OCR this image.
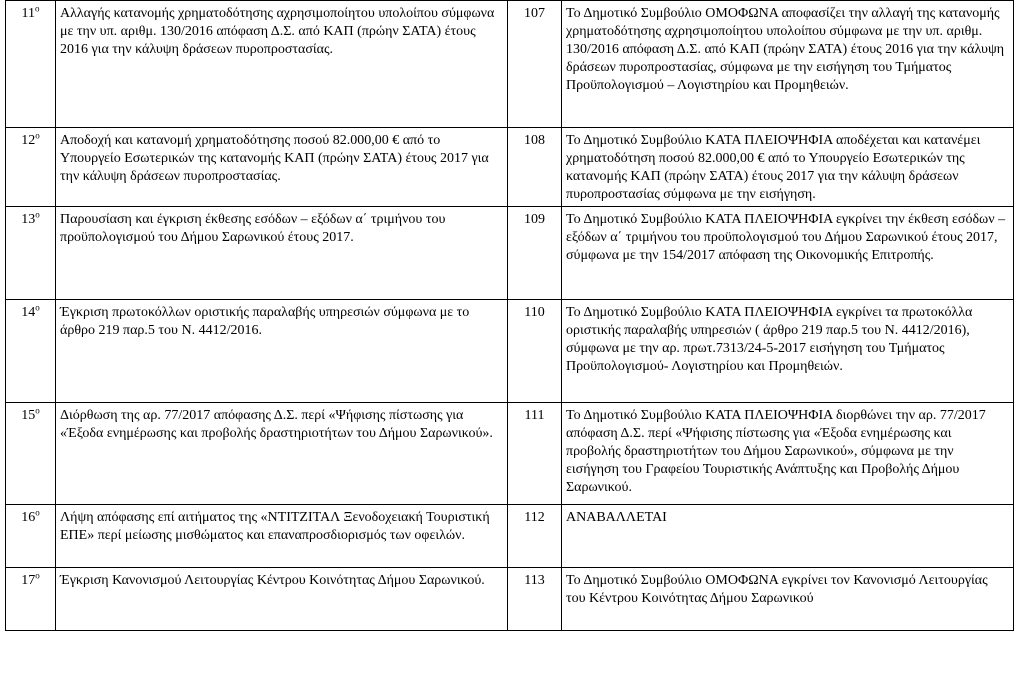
$11^o$	Αλλαγής κατανομής χρηματοδότησης αχρησιμοποίητου υπολοίπου σύμφωνα με την υπ. αριθμ. 130/2016 απόφαση Δ.Σ. από ΚΑΠ (πρώην ΣΑΤΑ) έτους 2016 για την κάλυψη δράσεων πυροπροστασίας.	107	Το Δημοτικό Συμβούλιο ΟΜΟΦΩΝΑ αποφασίζει την αλλαγή της κατανομής χρηματοδότησης αχρησιμοποίητου υπολοίπου σύμφωνα με την υπ. αριθμ. 130/2016 απόφαση Δ.Σ. από ΚΑΠ (πρώην ΣΑΤΑ) έτους 2016 για την κάλυψη δράσεων πυροπροστασίας, σύμφωνα με την εισήγηση του Τμήματος Προϋπολογισμού – Λογιστηρίου και Προμηθειών.
$12^o$	Αποδοχή και κατανομή χρηματοδότησης ποσού 82.000,00 € από το Υπουργείο Εσωτερικών της κατανομής ΚΑΠ (πρώην ΣΑΤΑ) έτους 2017 για την κάλυψη δράσεων πυροπροστασίας.	108	Το Δημοτικό Συμβούλιο ΚΑΤΑ ΠΛΕΙΟΨΗΦΙΑ αποδέχεται και κατανέμει χρηματοδότηση ποσού 82.000,00 € από το Υπουργείο Εσωτερικών της κατανομής ΚΑΠ (πρώην ΣΑΤΑ) έτους 2017 για την κάλυψη δράσεων πυροπροστασίας σύμφωνα με την εισήγηση.
$13^o$	Παρουσίαση και έγκριση έκθεσης εσόδων – εξόδων α΄ τριμήνου του προϋπολογισμού του Δήμου Σαρωνικού έτους 2017.	109	Το Δημοτικό Συμβούλιο ΚΑΤΑ ΠΛΕΙΟΨΗΦΙΑ εγκρίνει την έκθεση εσόδων – εξόδων α΄ τριμήνου του προϋπολογισμού του Δήμου Σαρωνικού έτους 2017, σύμφωνα με την 154/2017 απόφαση της Οικονομικής Επιτροπής.
$14^o$	Έγκριση πρωτοκόλλων οριστικής παραλαβής υπηρεσιών σύμφωνα με το άρθρο 219 παρ.5 του Ν. 4412/2016.	110	Το Δημοτικό Συμβούλιο ΚΑΤΑ ΠΛΕΙΟΨΗΦΙΑ εγκρίνει τα πρωτοκόλλα οριστικής παραλαβής υπηρεσιών ( άρθρο 219 παρ.5 του Ν. 4412/2016), σύμφωνα με την αρ. πρωτ.7313/24-5-2017 εισήγηση του Τμήματος Προϋπολογισμού- Λογιστηρίου και Προμηθειών.
$15^o$	Διόρθωση της αρ. 77/2017 απόφασης Δ.Σ. περί «Ψήφισης πίστωσης για «Έξοδα ενημέρωσης και προβολής δραστηριοτήτων του Δήμου Σαρωνικού».	111	Το Δημοτικό Συμβούλιο ΚΑΤΑ ΠΛΕΙΟΨΗΦΙΑ διορθώνει την αρ. 77/2017 απόφαση Δ.Σ. περί «Ψήφισης πίστωσης για «Έξοδα ενημέρωσης και προβολής δραστηριοτήτων του Δήμου Σαρωνικού», σύμφωνα με την εισήγηση του Γραφείου Τουριστικής Ανάπτυξης και Προβολής Δήμου Σαρωνικού.
$16^o$	Λήψη απόφασης επί αιτήματος της «ΝΤΙΤΖΙΤΑΛ Ξενοδοχειακή Τουριστική ΕΠΕ» περί μείωσης μισθώματος και επαναπροσδιορισμός των οφειλών.	112	ΑΝΑΒΑΛΛΕΤΑΙ
$17^o$	Έγκριση Κανονισμού Λειτουργίας Κέντρου Κοινότητας Δήμου Σαρωνικού.	113	Το Δημοτικό Συμβούλιο ΟΜΟΦΩΝΑ εγκρίνει τον Κανονισμό Λειτουργίας του Κέντρου Κοινότητας Δήμου Σαρωνικού
